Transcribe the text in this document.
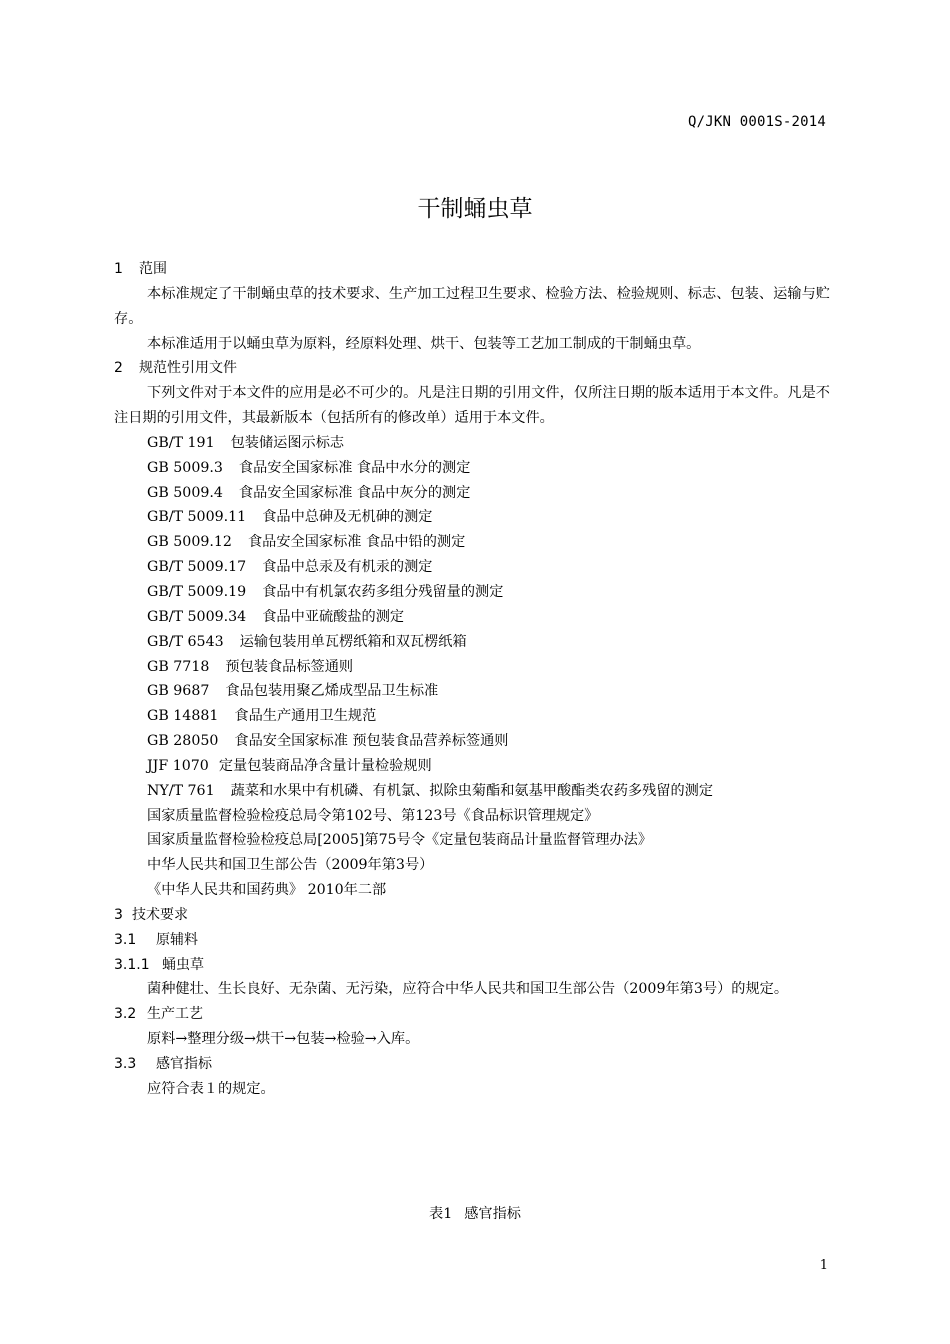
Q/JKN 0001S-2014
干制蛹虫草

1 范围

本标准规定了干制蛹虫草的技术要求、生产加工过程卫生要求、检验方法、检验规则、标志、包装、运输与贮存。

本标准适用于以蛹虫草为原料，经原料处理、烘干、包装等工艺加工制成的干制蛹虫草。

2 规范性引用文件

下列文件对于本文件的应用是必不可少的。凡是注日期的引用文件，仅所注日期的版本适用于本文件。凡是不注日期的引用文件，其最新版本（包括所有的修改单）适用于本文件。

GB/T 191 包装储运图示标志

GB 5009.3 食品安全国家标准 食品中水分的测定

GB 5009.4 食品安全国家标准 食品中灰分的测定

GB/T 5009.11 食品中总砷及无机砷的测定

GB 5009.12 食品安全国家标准 食品中铅的测定

GB/T 5009.17 食品中总汞及有机汞的测定

GB/T 5009.19 食品中有机氯农药多组分残留量的测定

GB/T 5009.34 食品中亚硫酸盐的测定

GB/T 6543 运输包装用单瓦楞纸箱和双瓦楞纸箱

GB 7718 预包装食品标签通则

GB 9687 食品包装用聚乙烯成型品卫生标准

GB 14881 食品生产通用卫生规范

GB 28050 食品安全国家标准 预包装食品营养标签通则

JJF 1070 定量包装商品净含量计量检验规则

NY/T 761 蔬菜和水果中有机磷、有机氯、拟除虫菊酯和氨基甲酸酯类农药多残留的测定

国家质量监督检验检疫总局令第102号、第123号《食品标识管理规定》

国家质量监督检验检疫总局[2005]第75号令《定量包装商品计量监督管理办法》

中华人民共和国卫生部公告（2009年第3号）

《中华人民共和国药典》 2010年二部

3 技术要求

3.1 原辅料

3.1.1 蛹虫草

菌种健壮、生长良好、无杂菌、无污染，应符合中华人民共和国卫生部公告（2009年第3号）的规定。

3.2 生产工艺

原料→整理分级→烘干→包装→检验→入库。

3.3 感官指标

应符合表１的规定。

表1 感官指标
1
